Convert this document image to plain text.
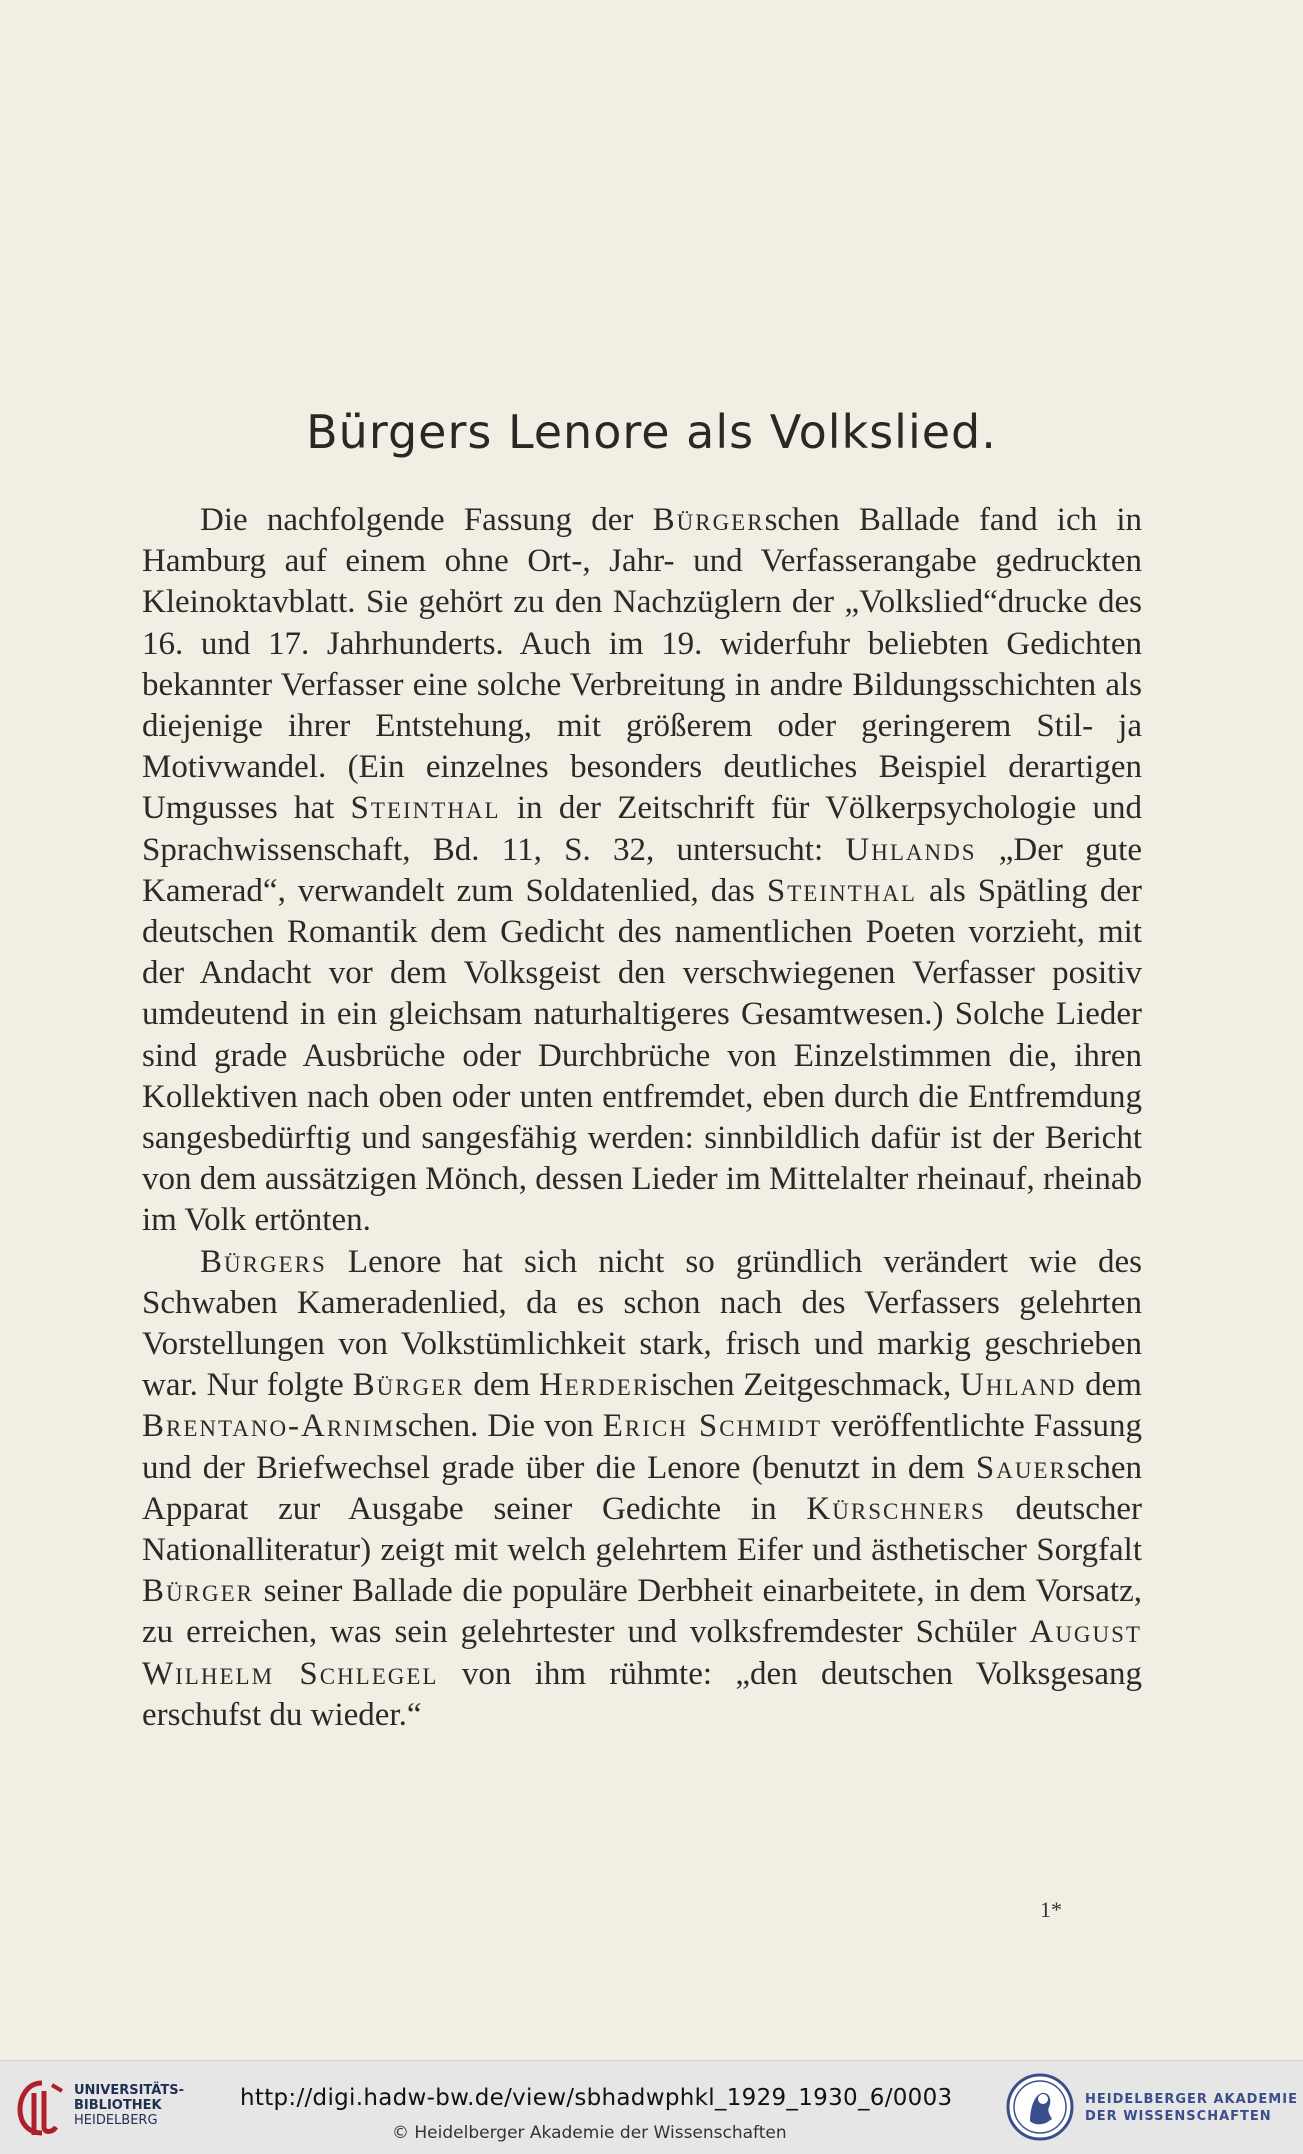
Bürgers Lenore als Volkslied.

Die nachfolgende Fassung der Bürgerschen Ballade fand ich in Hamburg auf einem ohne Ort-, Jahr- und Verfasserangabe gedruckten Kleinoktavblatt. Sie gehört zu den Nachzüglern der „Volkslied“drucke des 16. und 17. Jahrhunderts. Auch im 19. widerfuhr beliebten Gedichten bekannter Verfasser eine solche Verbreitung in andre Bildungsschichten als diejenige ihrer Entstehung, mit größerem oder geringerem Stil- ja Motivwandel. (Ein einzelnes besonders deutliches Beispiel derartigen Umgusses hat Steinthal in der Zeitschrift für Völkerpsychologie und Sprachwissenschaft, Bd. 11, S. 32, untersucht: Uhlands „Der gute Kamerad“, verwandelt zum Soldatenlied, das Steinthal als Spätling der deutschen Romantik dem Gedicht des namentlichen Poeten vorzieht, mit der Andacht vor dem Volksgeist den verschwiegenen Verfasser positiv umdeutend in ein gleichsam naturhaltigeres Gesamtwesen.) Solche Lieder sind grade Ausbrüche oder Durchbrüche von Einzelstimmen die, ihren Kollektiven nach oben oder unten entfremdet, eben durch die Entfremdung sangesbedürftig und sangesfähig werden: sinnbildlich dafür ist der Bericht von dem aussätzigen Mönch, dessen Lieder im Mittelalter rheinauf, rheinab im Volk ertönten.

Bürgers Lenore hat sich nicht so gründlich verändert wie des Schwaben Kameradenlied, da es schon nach des Verfassers gelehrten Vorstellungen von Volkstümlichkeit stark, frisch und markig geschrieben war. Nur folgte Bürger dem Herderischen Zeitgeschmack, Uhland dem Brentano-Arnimschen. Die von Erich Schmidt veröffentlichte Fassung und der Briefwechsel grade über die Lenore (benutzt in dem Sauerschen Apparat zur Ausgabe seiner Gedichte in Kürschners deutscher Nationalliteratur) zeigt mit welch gelehrtem Eifer und ästhetischer Sorgfalt Bürger seiner Ballade die populäre Derbheit einarbeitete, in dem Vorsatz, zu erreichen, was sein gelehrtester und volksfremdester Schüler August Wilhelm Schlegel von ihm rühmte: „den deutschen Volksgesang erschufst du wieder.“

1*
UNIVERSITÄTS-
BIBLIOTHEK
HEIDELBERG
http://digi.hadw-bw.de/view/sbhadwphkl_1929_1930_6/0003
© Heidelberger Akademie der Wissenschaften
HEIDELBERGER AKADEMIE
DER WISSENSCHAFTEN
